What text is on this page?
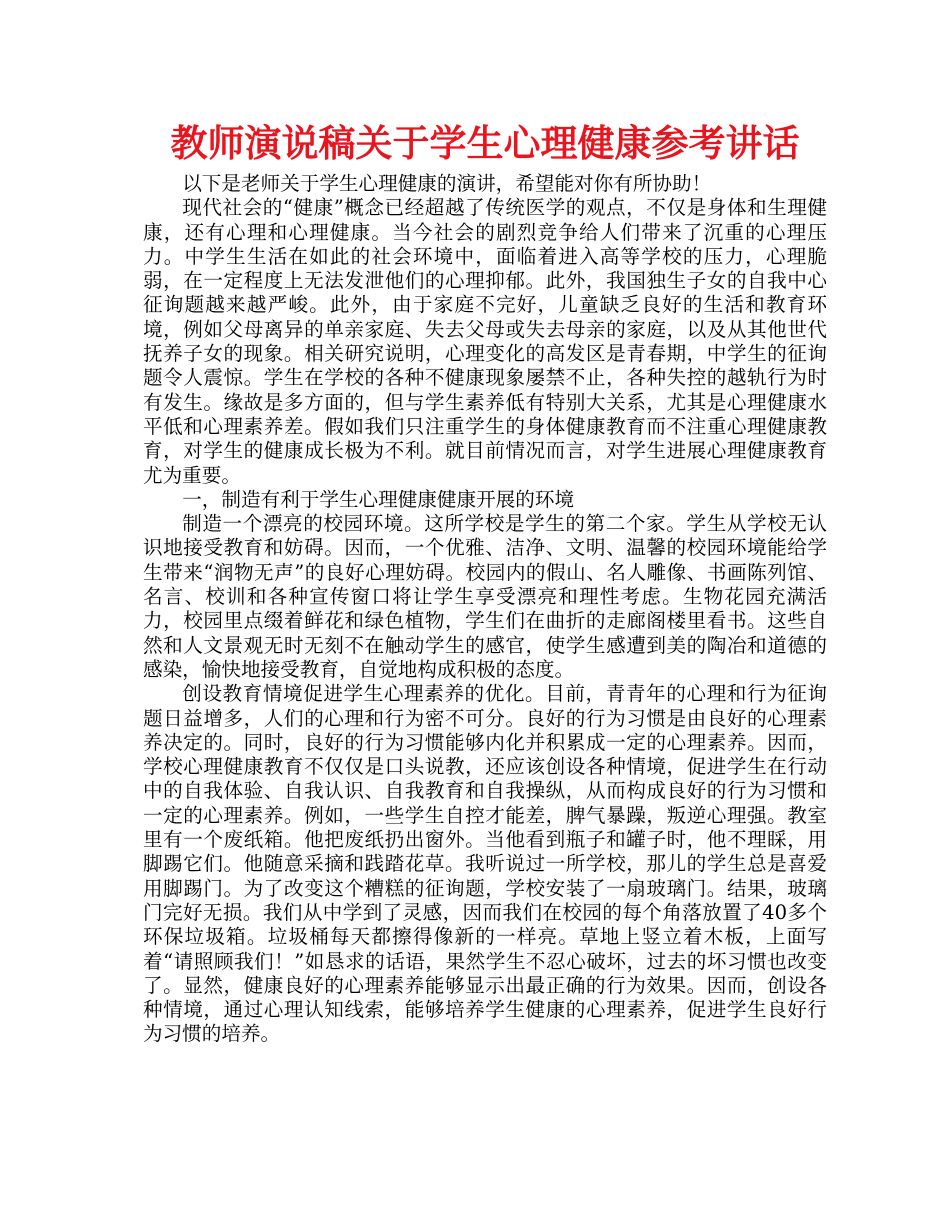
教师演说稿关于学生心理健康参考讲话

以下是老师关于学生心理健康的演讲，希望能对你有所协助！

现代社会的“健康”概念已经超越了传统医学的观点，不仅是身体和生理健康，还有心理和心理健康。当今社会的剧烈竞争给人们带来了沉重的心理压力。中学生生活在如此的社会环境中，面临着进入高等学校的压力，心理脆弱，在一定程度上无法发泄他们的心理抑郁。此外，我国独生子女的自我中心征询题越来越严峻。此外，由于家庭不完好，儿童缺乏良好的生活和教育环境，例如父母离异的单亲家庭、失去父母或失去母亲的家庭，以及从其他世代抚养子女的现象。相关研究说明，心理变化的高发区是青春期，中学生的征询题令人震惊。学生在学校的各种不健康现象屡禁不止，各种失控的越轨行为时有发生。缘故是多方面的，但与学生素养低有特别大关系，尤其是心理健康水平低和心理素养差。假如我们只注重学生的身体健康教育而不注重心理健康教育，对学生的健康成长极为不利。就目前情况而言，对学生进展心理健康教育尤为重要。

一，制造有利于学生心理健康健康开展的环境

制造一个漂亮的校园环境。这所学校是学生的第二个家。学生从学校无认识地接受教育和妨碍。因而，一个优雅、洁净、文明、温馨的校园环境能给学生带来“润物无声”的良好心理妨碍。校园内的假山、名人雕像、书画陈列馆、名言、校训和各种宣传窗口将让学生享受漂亮和理性考虑。生物花园充满活力，校园里点缀着鲜花和绿色植物，学生们在曲折的走廊阁楼里看书。这些自然和人文景观无时无刻不在触动学生的感官，使学生感遭到美的陶冶和道德的感染，愉快地接受教育，自觉地构成积极的态度。

创设教育情境促进学生心理素养的优化。目前，青青年的心理和行为征询题日益增多，人们的心理和行为密不可分。良好的行为习惯是由良好的心理素养决定的。同时，良好的行为习惯能够内化并积累成一定的心理素养。因而，学校心理健康教育不仅仅是口头说教，还应该创设各种情境，促进学生在行动中的自我体验、自我认识、自我教育和自我操纵，从而构成良好的行为习惯和一定的心理素养。例如，一些学生自控才能差，脾气暴躁，叛逆心理强。教室里有一个废纸箱。他把废纸扔出窗外。当他看到瓶子和罐子时，他不理睬，用脚踢它们。他随意采摘和践踏花草。我听说过一所学校，那儿的学生总是喜爱用脚踢门。为了改变这个糟糕的征询题，学校安装了一扇玻璃门。结果，玻璃门完好无损。我们从中学到了灵感，因而我们在校园的每个角落放置了40多个环保垃圾箱。垃圾桶每天都擦得像新的一样亮。草地上竖立着木板，上面写着“请照顾我们！”如恳求的话语，果然学生不忍心破坏，过去的坏习惯也改变了。显然，健康良好的心理素养能够显示出最正确的行为效果。因而，创设各种情境，通过心理认知线索，能够培养学生健康的心理素养，促进学生良好行为习惯的培养。
